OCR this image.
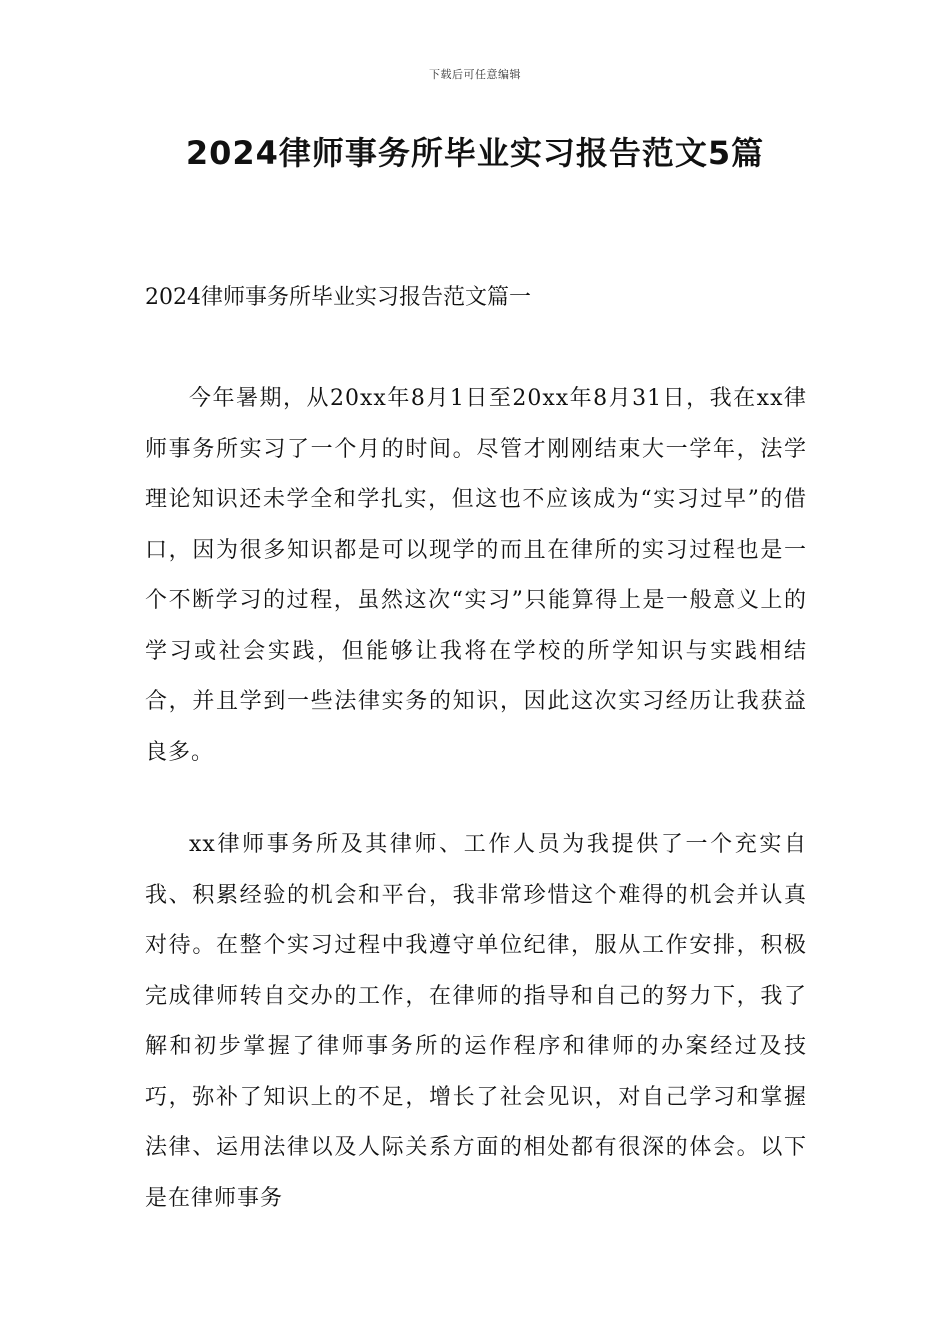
下载后可任意编辑
2024律师事务所毕业实习报告范文5篇
2024律师事务所毕业实习报告范文篇一

今年暑期，从20xx年8月1日至20xx年8月31日，我在xx律师事务所实习了一个月的时间。尽管才刚刚结束大一学年，法学理论知识还未学全和学扎实，但这也不应该成为“实习过早”的借口，因为很多知识都是可以现学的而且在律所的实习过程也是一个不断学习的过程，虽然这次“实习”只能算得上是一般意义上的学习或社会实践，但能够让我将在学校的所学知识与实践相结合，并且学到一些法律实务的知识，因此这次实习经历让我获益良多。

xx律师事务所及其律师、工作人员为我提供了一个充实自我、积累经验的机会和平台，我非常珍惜这个难得的机会并认真对待。在整个实习过程中我遵守单位纪律，服从工作安排，积极完成律师转自交办的工作，在律师的指导和自己的努力下，我了解和初步掌握了律师事务所的运作程序和律师的办案经过及技巧，弥补了知识上的不足，增长了社会见识，对自己学习和掌握法律、运用法律以及人际关系方面的相处都有很深的体会。以下是在律师事务
